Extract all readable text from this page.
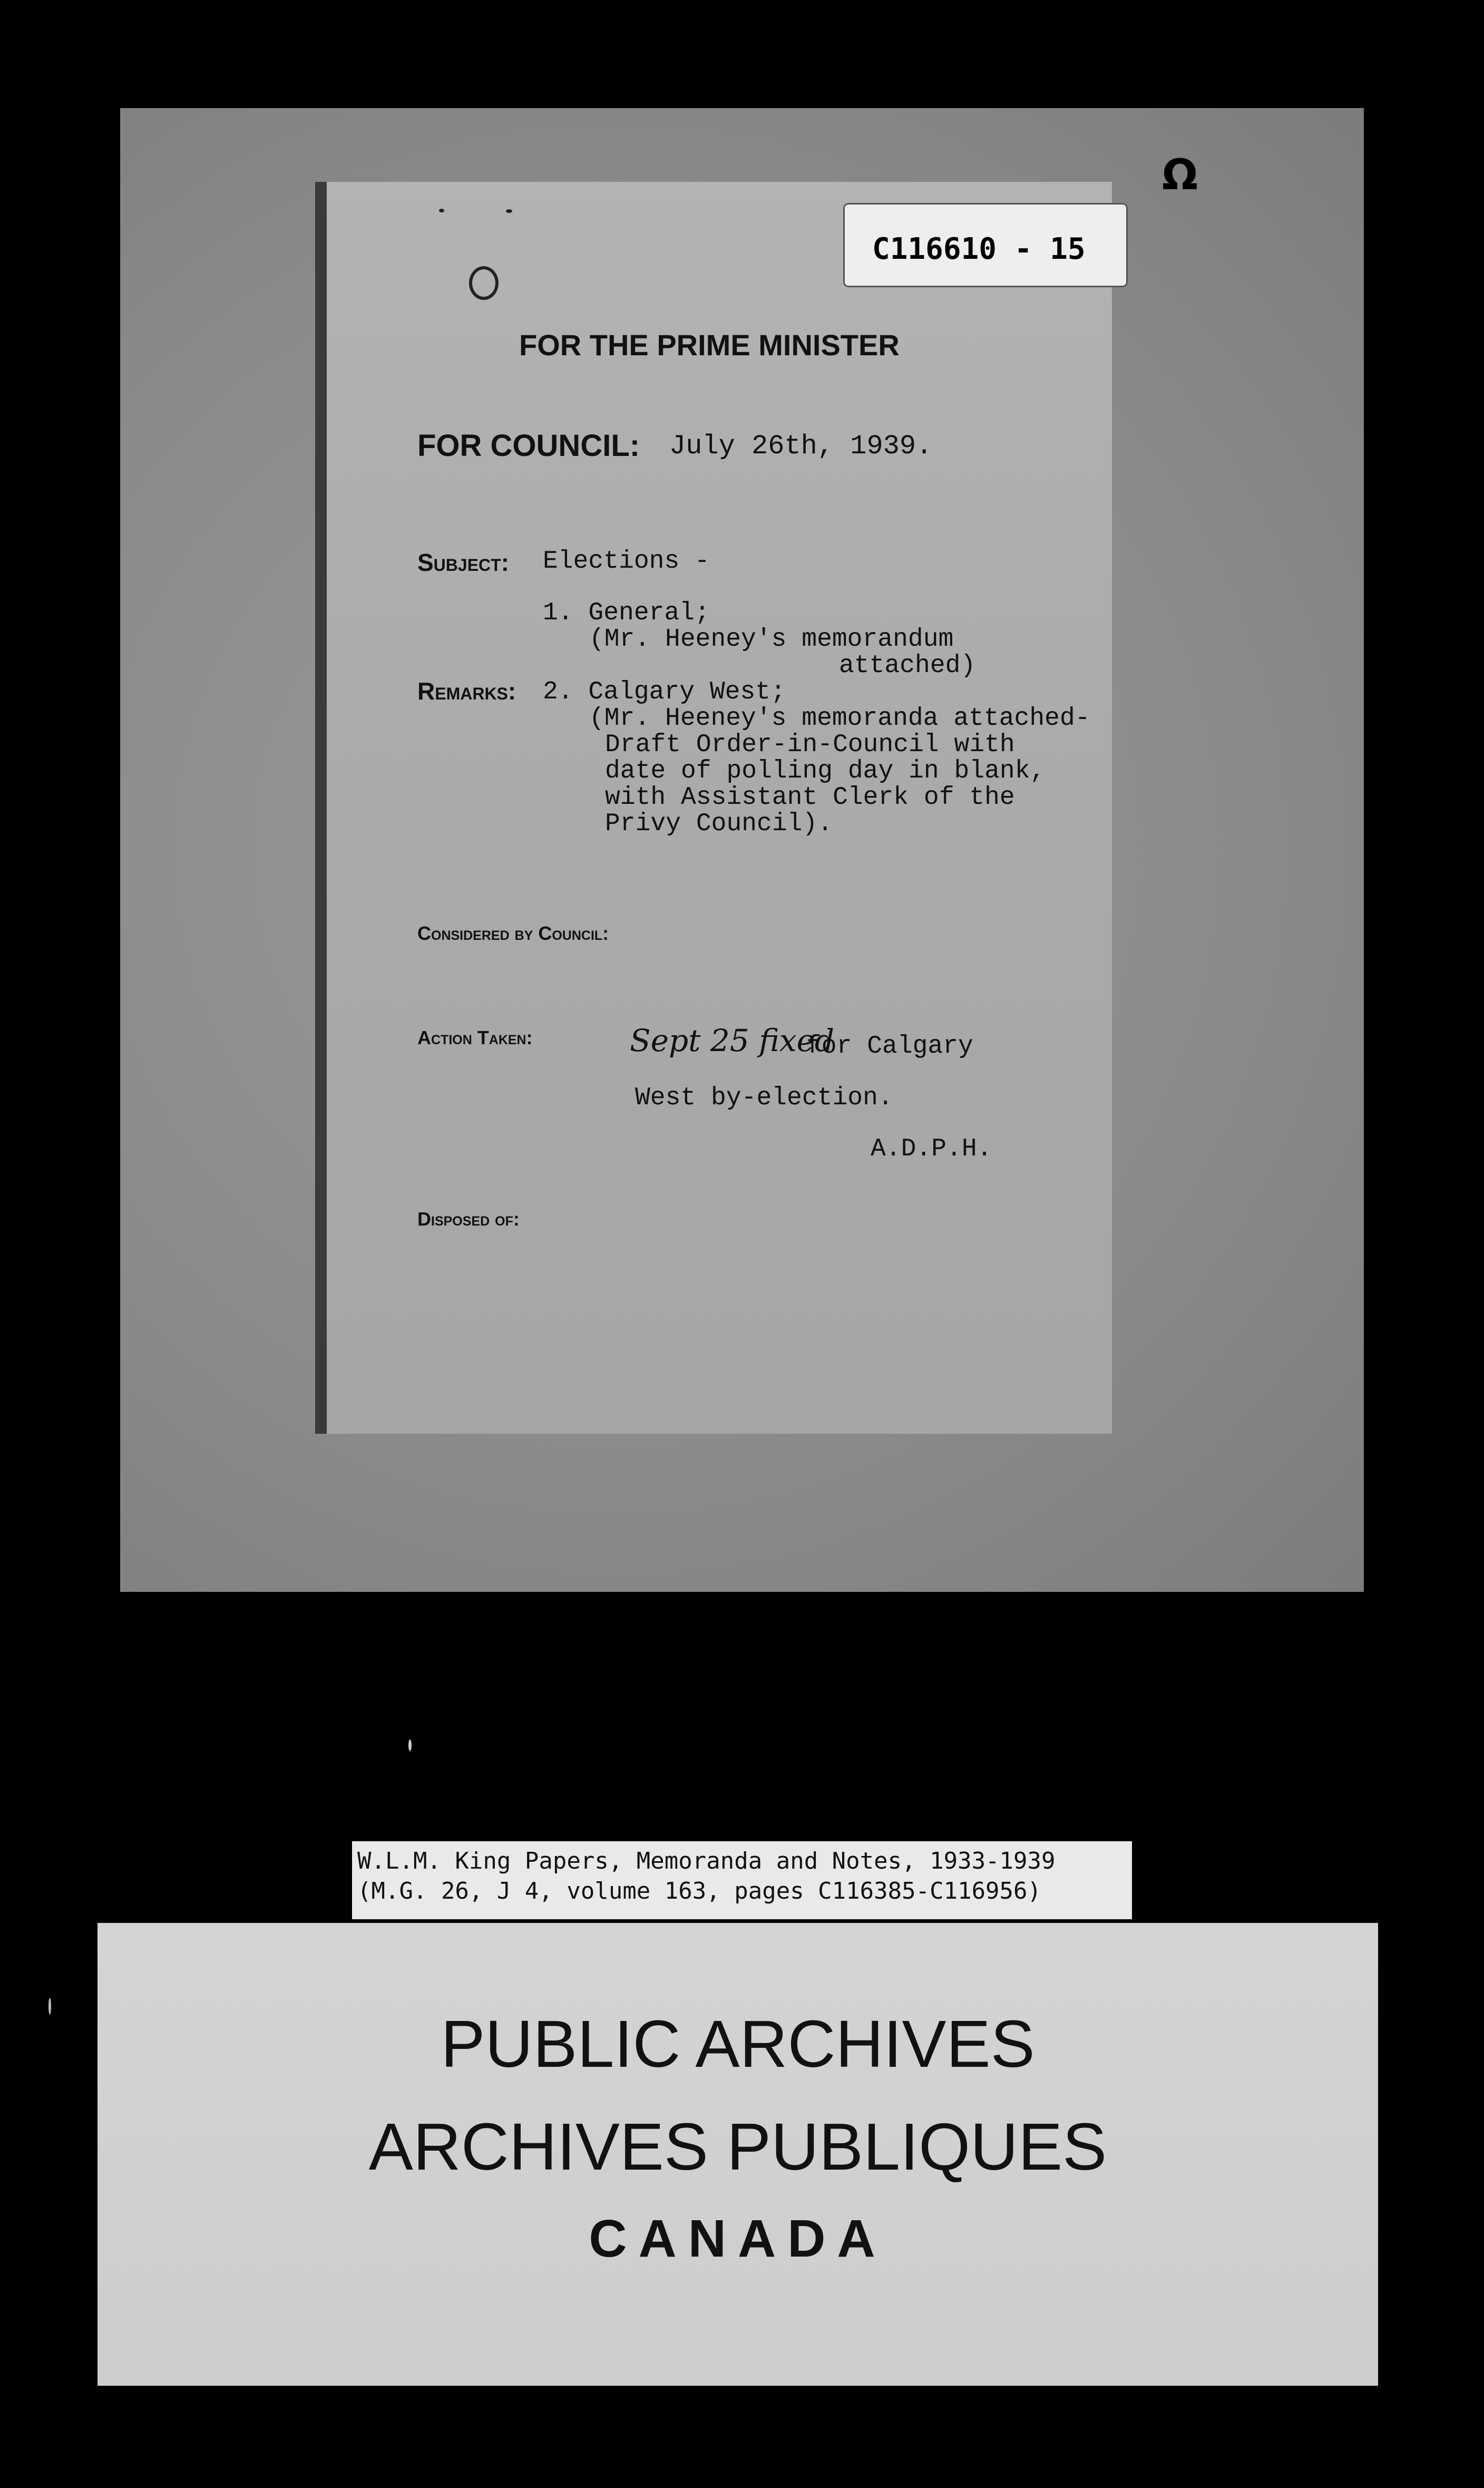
C116610 - 15
Ω
FOR THE PRIME MINISTER
FOR COUNCIL: July 26th, 1939.
Subject: Elections -
1. General;
(Mr. Heeney's memorandum
attached)
Remarks: 2. Calgary West;
(Mr. Heeney's memoranda attached-
Draft Order-in-Council with
date of polling day in blank,
with Assistant Clerk of the
Privy Council).
Considered by Council:
Action Taken:	Sept 25 fixed
for Calgary
West by-election.
A.D.P.H.
Disposed of:
W.L.M. King Papers, Memoranda and Notes, 1933-1939
(M.G. 26, J 4, volume 163, pages C116385-C116956)
PUBLIC ARCHIVES
ARCHIVES PUBLIQUES
CANADA
